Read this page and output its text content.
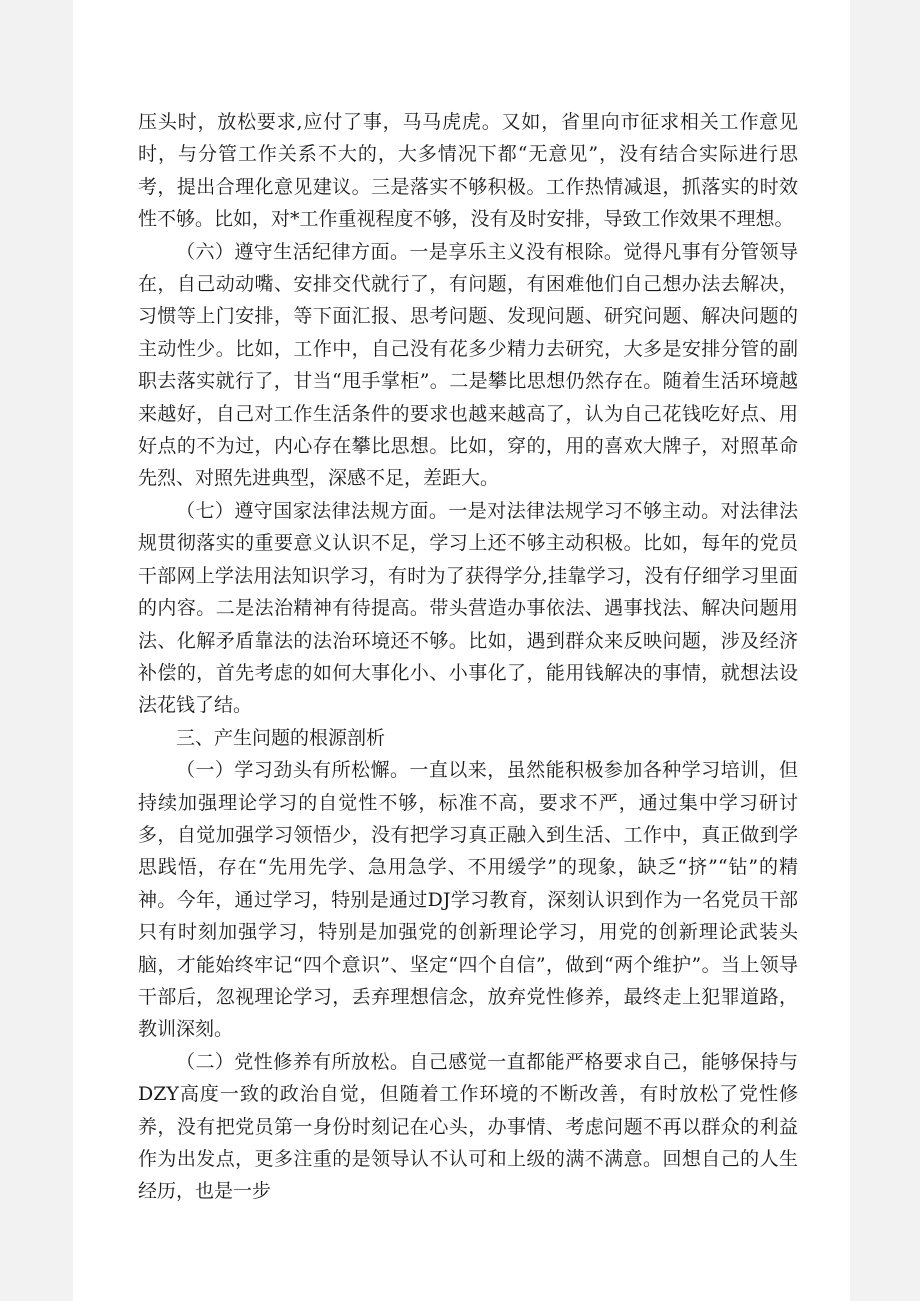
压头时，放松要求,应付了事，马马虎虎。又如，省里向市征求相关工作意见时，与分管工作关系不大的，大多情况下都“无意见”，没有结合实际进行思考，提出合理化意见建议。三是落实不够积极。工作热情减退，抓落实的时效性不够。比如，对*工作重视程度不够，没有及时安排，导致工作效果不理想。

（六）遵守生活纪律方面。一是享乐主义没有根除。觉得凡事有分管领导在，自己动动嘴、安排交代就行了，有问题，有困难他们自己想办法去解决，习惯等上门安排，等下面汇报、思考问题、发现问题、研究问题、解决问题的主动性少。比如，工作中，自己没有花多少精力去研究，大多是安排分管的副职去落实就行了，甘当“甩手掌柜”。二是攀比思想仍然存在。随着生活环境越来越好，自己对工作生活条件的要求也越来越高了，认为自己花钱吃好点、用好点的不为过，内心存在攀比思想。比如，穿的，用的喜欢大牌子，对照革命先烈、对照先进典型，深感不足，差距大。

（七）遵守国家法律法规方面。一是对法律法规学习不够主动。对法律法规贯彻落实的重要意义认识不足，学习上还不够主动积极。比如，每年的党员干部网上学法用法知识学习，有时为了获得学分,挂靠学习，没有仔细学习里面的内容。二是法治精神有待提高。带头营造办事依法、遇事找法、解决问题用法、化解矛盾靠法的法治环境还不够。比如，遇到群众来反映问题，涉及经济补偿的，首先考虑的如何大事化小、小事化了，能用钱解决的事情，就想法设法花钱了结。

三、产生问题的根源剖析

（一）学习劲头有所松懈。一直以来，虽然能积极参加各种学习培训，但持续加强理论学习的自觉性不够，标准不高，要求不严，通过集中学习研讨多，自觉加强学习领悟少，没有把学习真正融入到生活、工作中，真正做到学思践悟，存在“先用先学、急用急学、不用缓学”的现象，缺乏“挤”“钻”的精神。今年，通过学习，特别是通过DJ学习教育，深刻认识到作为一名党员干部只有时刻加强学习，特别是加强党的创新理论学习，用党的创新理论武装头脑，才能始终牢记“四个意识”、坚定“四个自信”，做到“两个维护”。当上领导干部后，忽视理论学习，丢弃理想信念，放弃党性修养，最终走上犯罪道路，教训深刻。

（二）党性修养有所放松。自己感觉一直都能严格要求自己，能够保持与DZY高度一致的政治自觉，但随着工作环境的不断改善，有时放松了党性修养，没有把党员第一身份时刻记在心头，办事情、考虑问题不再以群众的利益作为出发点，更多注重的是领导认不认可和上级的满不满意。回想自己的人生经历，也是一步
